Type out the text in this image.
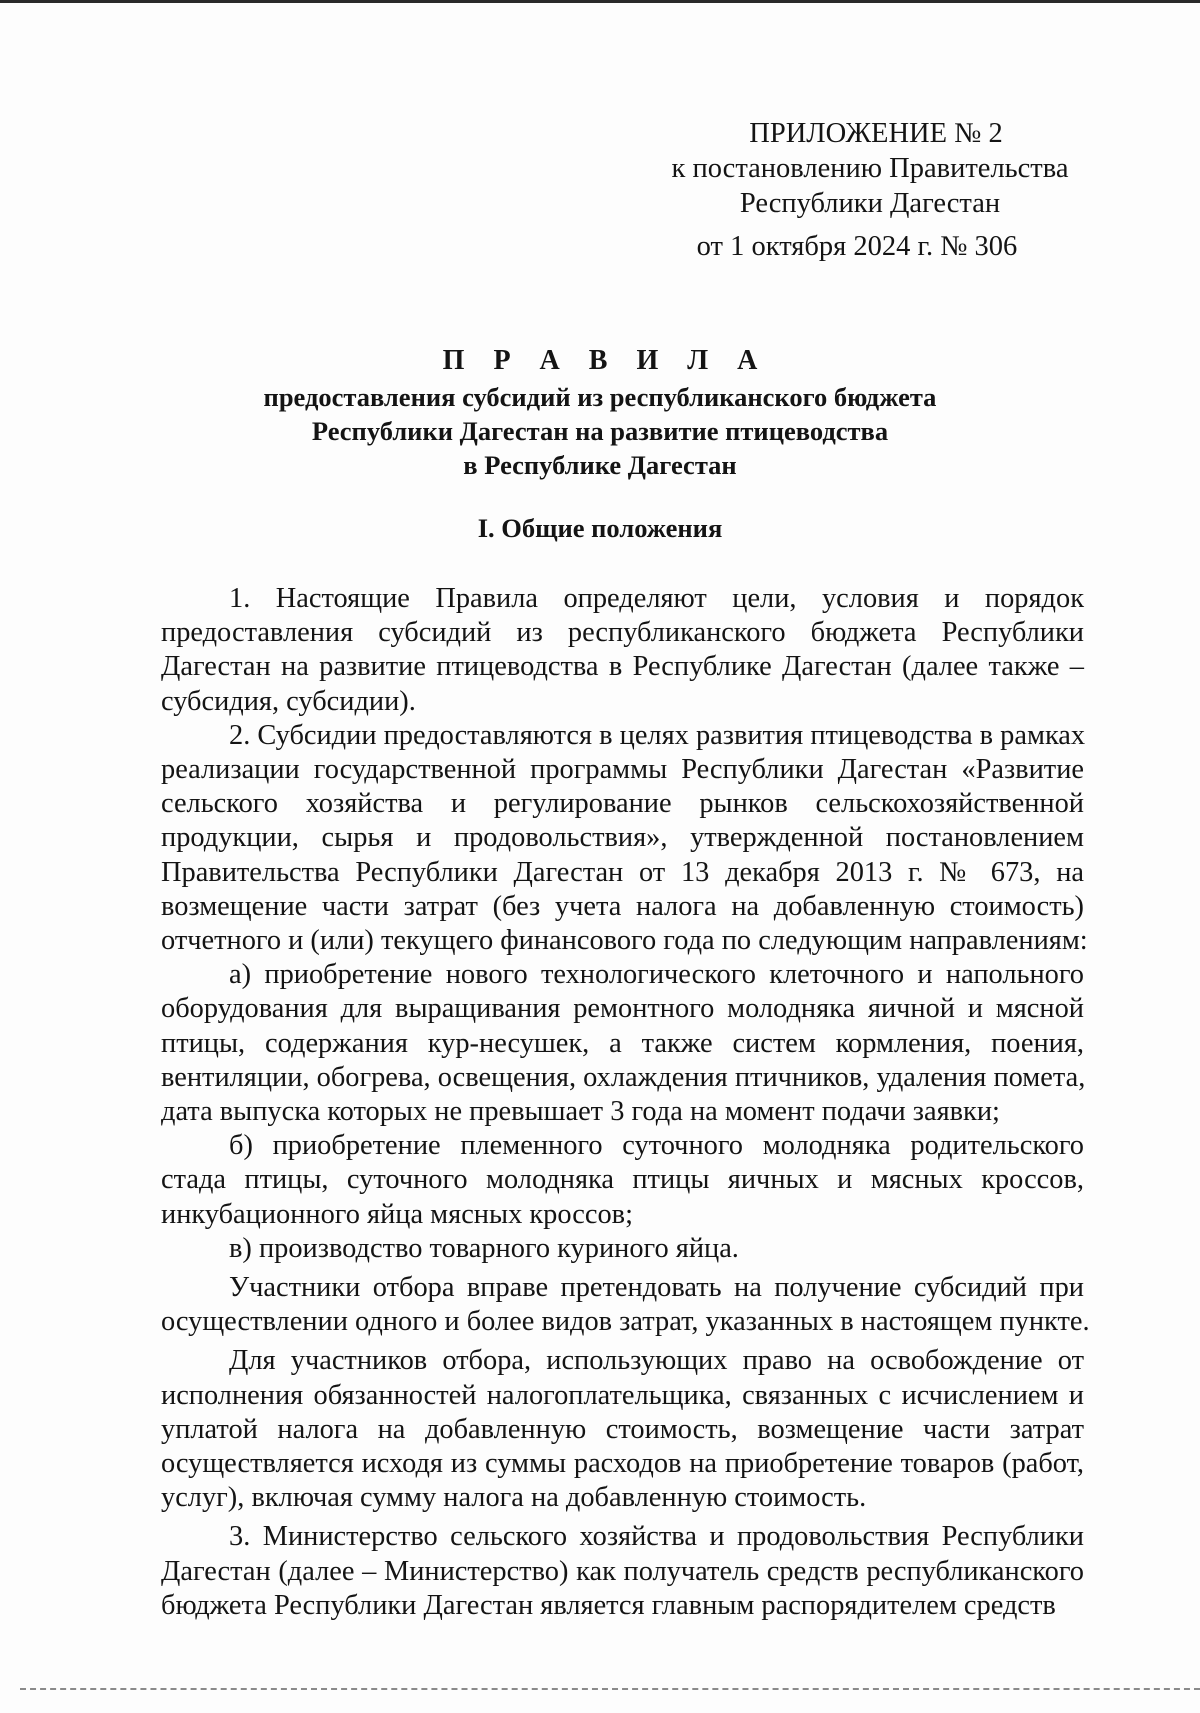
ПРИЛОЖЕНИЕ № 2
к постановлению Правительства
Республики Дагестан
от 1 октября 2024 г. № 306
П Р А В И Л А
предоставления субсидий из республиканского бюджета
Республики Дагестан на развитие птицеводства
в Республике Дагестан
I. Общие положения
1. Настоящие Правила определяют цели, условия и порядок
предоставления субсидий из республиканского бюджета Республики
Дагестан на развитие птицеводства в Республике Дагестан (далее также –
субсидия, субсидии).
2. Субсидии предоставляются в целях развития птицеводства в рамках
реализации государственной программы Республики Дагестан «Развитие
сельского хозяйства и регулирование рынков сельскохозяйственной
продукции, сырья и продовольствия», утвержденной постановлением
Правительства Республики Дагестан от 13 декабря 2013 г. № 673, на
возмещение части затрат (без учета налога на добавленную стоимость)
отчетного и (или) текущего финансового года по следующим направлениям:
а) приобретение нового технологического клеточного и напольного
оборудования для выращивания ремонтного молодняка яичной и мясной
птицы, содержания кур-несушек, а также систем кормления, поения,
вентиляции, обогрева, освещения, охлаждения птичников, удаления помета,
дата выпуска которых не превышает 3 года на момент подачи заявки;
б) приобретение племенного суточного молодняка родительского
стада птицы, суточного молодняка птицы яичных и мясных кроссов,
инкубационного яйца мясных кроссов;
в) производство товарного куриного яйца.
Участники отбора вправе претендовать на получение субсидий при
осуществлении одного и более видов затрат, указанных в настоящем пункте.
Для участников отбора, использующих право на освобождение от
исполнения обязанностей налогоплательщика, связанных с исчислением и
уплатой налога на добавленную стоимость, возмещение части затрат
осуществляется исходя из суммы расходов на приобретение товаров (работ,
услуг), включая сумму налога на добавленную стоимость.
3. Министерство сельского хозяйства и продовольствия Республики
Дагестан (далее – Министерство) как получатель средств республиканского
бюджета Республики Дагестан является главным распорядителем средств
